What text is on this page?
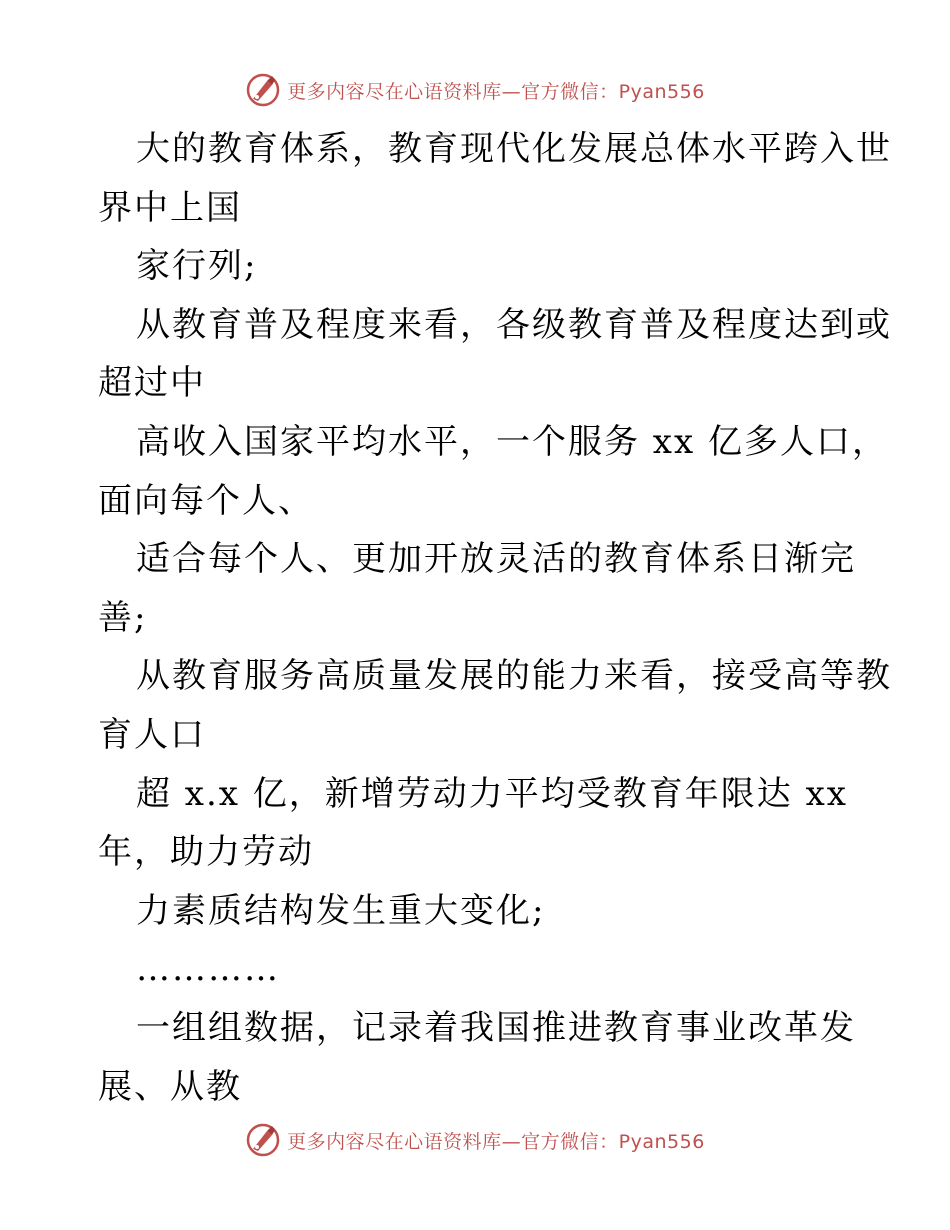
更多内容尽在心语资料库—官方微信：Pyan556
大的教育体系，教育现代化发展总体水平跨入世
界中上国
家行列;
从教育普及程度来看，各级教育普及程度达到或
超过中
高收入国家平均水平，一个服务 xx 亿多人口，
面向每个人、
适合每个人、更加开放灵活的教育体系日渐完
善;
从教育服务高质量发展的能力来看，接受高等教
育人口
超 x.x 亿，新增劳动力平均受教育年限达 xx
年，助力劳动
力素质结构发生重大变化;
…………
一组组数据，记录着我国推进教育事业改革发
展、从教
更多内容尽在心语资料库—官方微信：Pyan556
